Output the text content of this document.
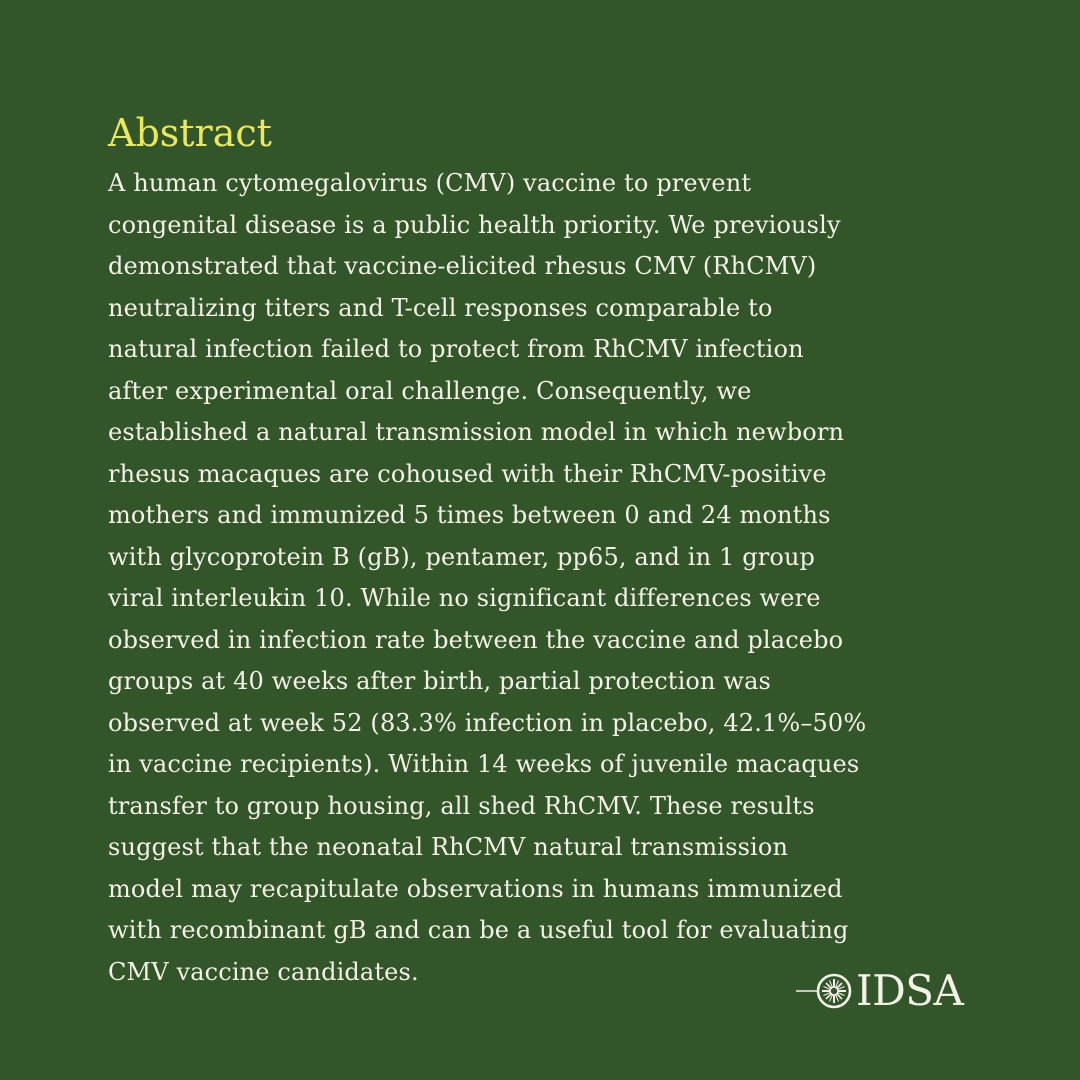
Abstract
A human cytomegalovirus (CMV) vaccine to prevent
congenital disease is a public health priority. We previously
demonstrated that vaccine-elicited rhesus CMV (RhCMV)
neutralizing titers and T-cell responses comparable to
natural infection failed to protect from RhCMV infection
after experimental oral challenge. Consequently, we
established a natural transmission model in which newborn
rhesus macaques are cohoused with their RhCMV-positive
mothers and immunized 5 times between 0 and 24 months
with glycoprotein B (gB), pentamer, pp65, and in 1 group
viral interleukin 10. While no significant differences were
observed in infection rate between the vaccine and placebo
groups at 40 weeks after birth, partial protection was
observed at week 52 (83.3% infection in placebo, 42.1%–50%
in vaccine recipients). Within 14 weeks of juvenile macaques
transfer to group housing, all shed RhCMV. These results
suggest that the neonatal RhCMV natural transmission
model may recapitulate observations in humans immunized
with recombinant gB and can be a useful tool for evaluating
CMV vaccine candidates.	IDSA
